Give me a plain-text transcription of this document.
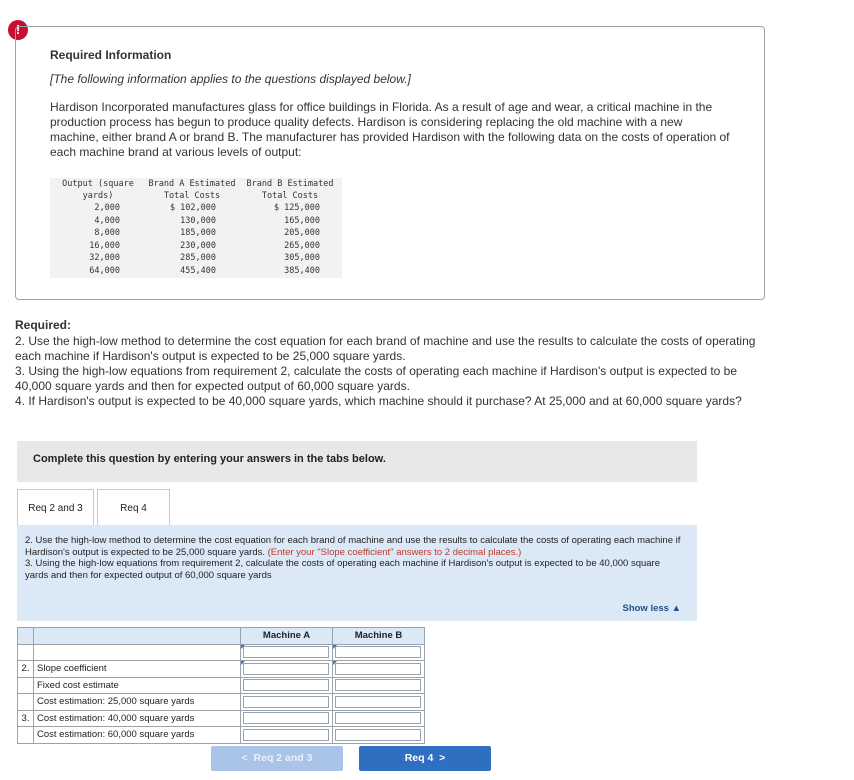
!
Required Information
[The following information applies to the questions displayed below.]
Hardison Incorporated manufactures glass for office buildings in Florida. As a result of age and wear, a critical machine in the production process has begun to produce quality defects. Hardison is considering replacing the old machine with a new machine, either brand A or brand B. The manufacturer has provided Hardison with the following data on the costs of operation of each machine brand at various levels of output:
Output (square yards)	Brand A Estimated Total Costs	Brand B Estimated Total Costs
2,000	$ 102,000	$ 125,000
4,000	130,000	165,000
8,000	185,000	205,000
16,000	230,000	265,000
32,000	285,000	305,000
64,000	455,400	385,400
Required:

2. Use the high-low method to determine the cost equation for each brand of machine and use the results to calculate the costs of operating each machine if Hardison's output is expected to be 25,000 square yards.

3. Using the high-low equations from requirement 2, calculate the costs of operating each machine if Hardison's output is expected to be 40,000 square yards and then for expected output of 60,000 square yards.

4. If Hardison's output is expected to be 40,000 square yards, which machine should it purchase? At 25,000 and at 60,000 square yards?

Complete this question by entering your answers in the tabs below.
Req 2 and 3	Req 4

2. Use the high-low method to determine the cost equation for each brand of machine and use the results to calculate the costs of operating each machine if Hardison's output is expected to be 25,000 square yards. (Enter your "Slope coefficient" answers to 2 decimal places.)

3. Using the high-low equations from requirement 2, calculate the costs of operating each machine if Hardison's output is expected to be 40,000 square yards and then for expected output of 60,000 square yards

Show less ▲
		Machine A	Machine B

2.	Slope coefficient	

	Fixed cost estimate		
	Cost estimation: 25,000 square yards		
3.	Cost estimation: 40,000 square yards		
	Cost estimation: 60,000 square yards		
< Req 2 and 3	Req 4 >
